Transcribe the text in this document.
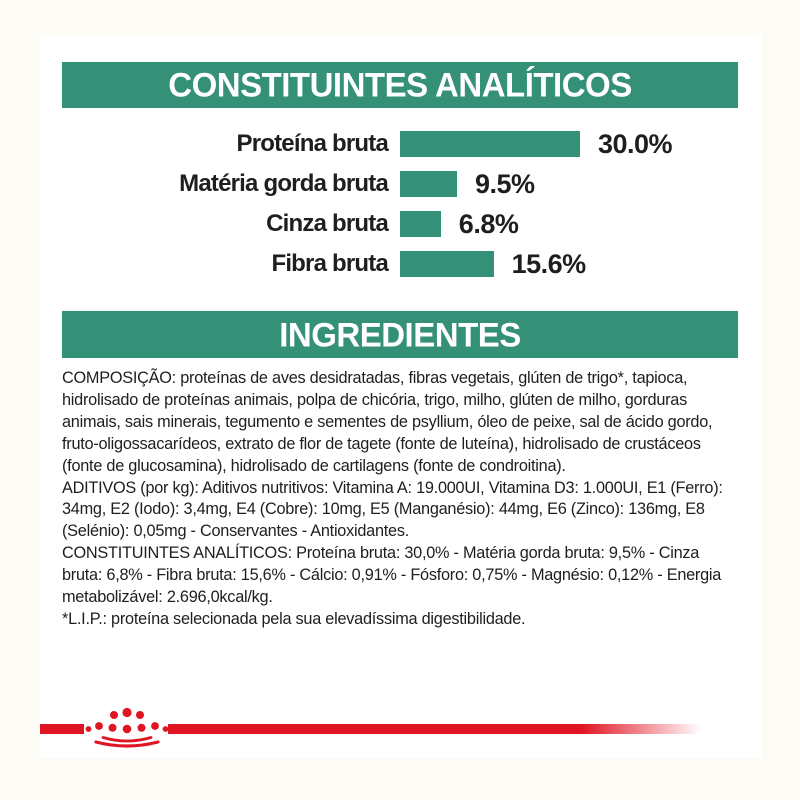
CONSTITUINTES ANALÍTICOS
Proteína bruta	30.0%
Matéria gorda bruta	9.5%
Cinza bruta	6.8%
Fibra bruta	15.6%
INGREDIENTES

COMPOSIÇÃO: proteínas de aves desidratadas, fibras vegetais, glúten de trigo*, tapioca, hidrolisado de proteínas animais, polpa de chicória, trigo, milho, glúten de milho, gorduras animais, sais minerais, tegumento e sementes de psyllium, óleo de peixe, sal de ácido gordo, fruto-oligossacarídeos, extrato de flor de tagete (fonte de luteína), hidrolisado de crustáceos (fonte de glucosamina), hidrolisado de cartilagens (fonte de condroitina).

ADITIVOS (por kg): Aditivos nutritivos: Vitamina A: 19.000UI, Vitamina D3: 1.000UI, E1 (Ferro): 34mg, E2 (Iodo): 3,4mg, E4 (Cobre): 10mg, E5 (Manganésio): 44mg, E6 (Zinco): 136mg, E8 (Selénio): 0,05mg - Conservantes - Antioxidantes.

CONSTITUINTES ANALÍTICOS: Proteína bruta: 30,0% - Matéria gorda bruta: 9,5% - Cinza bruta: 6,8% - Fibra bruta: 15,6% - Cálcio: 0,91% - Fósforo: 0,75% - Magnésio: 0,12% - Energia metabolizável: 2.696,0kcal/kg.

*L.I.P.: proteína selecionada pela sua elevadíssima digestibilidade.
